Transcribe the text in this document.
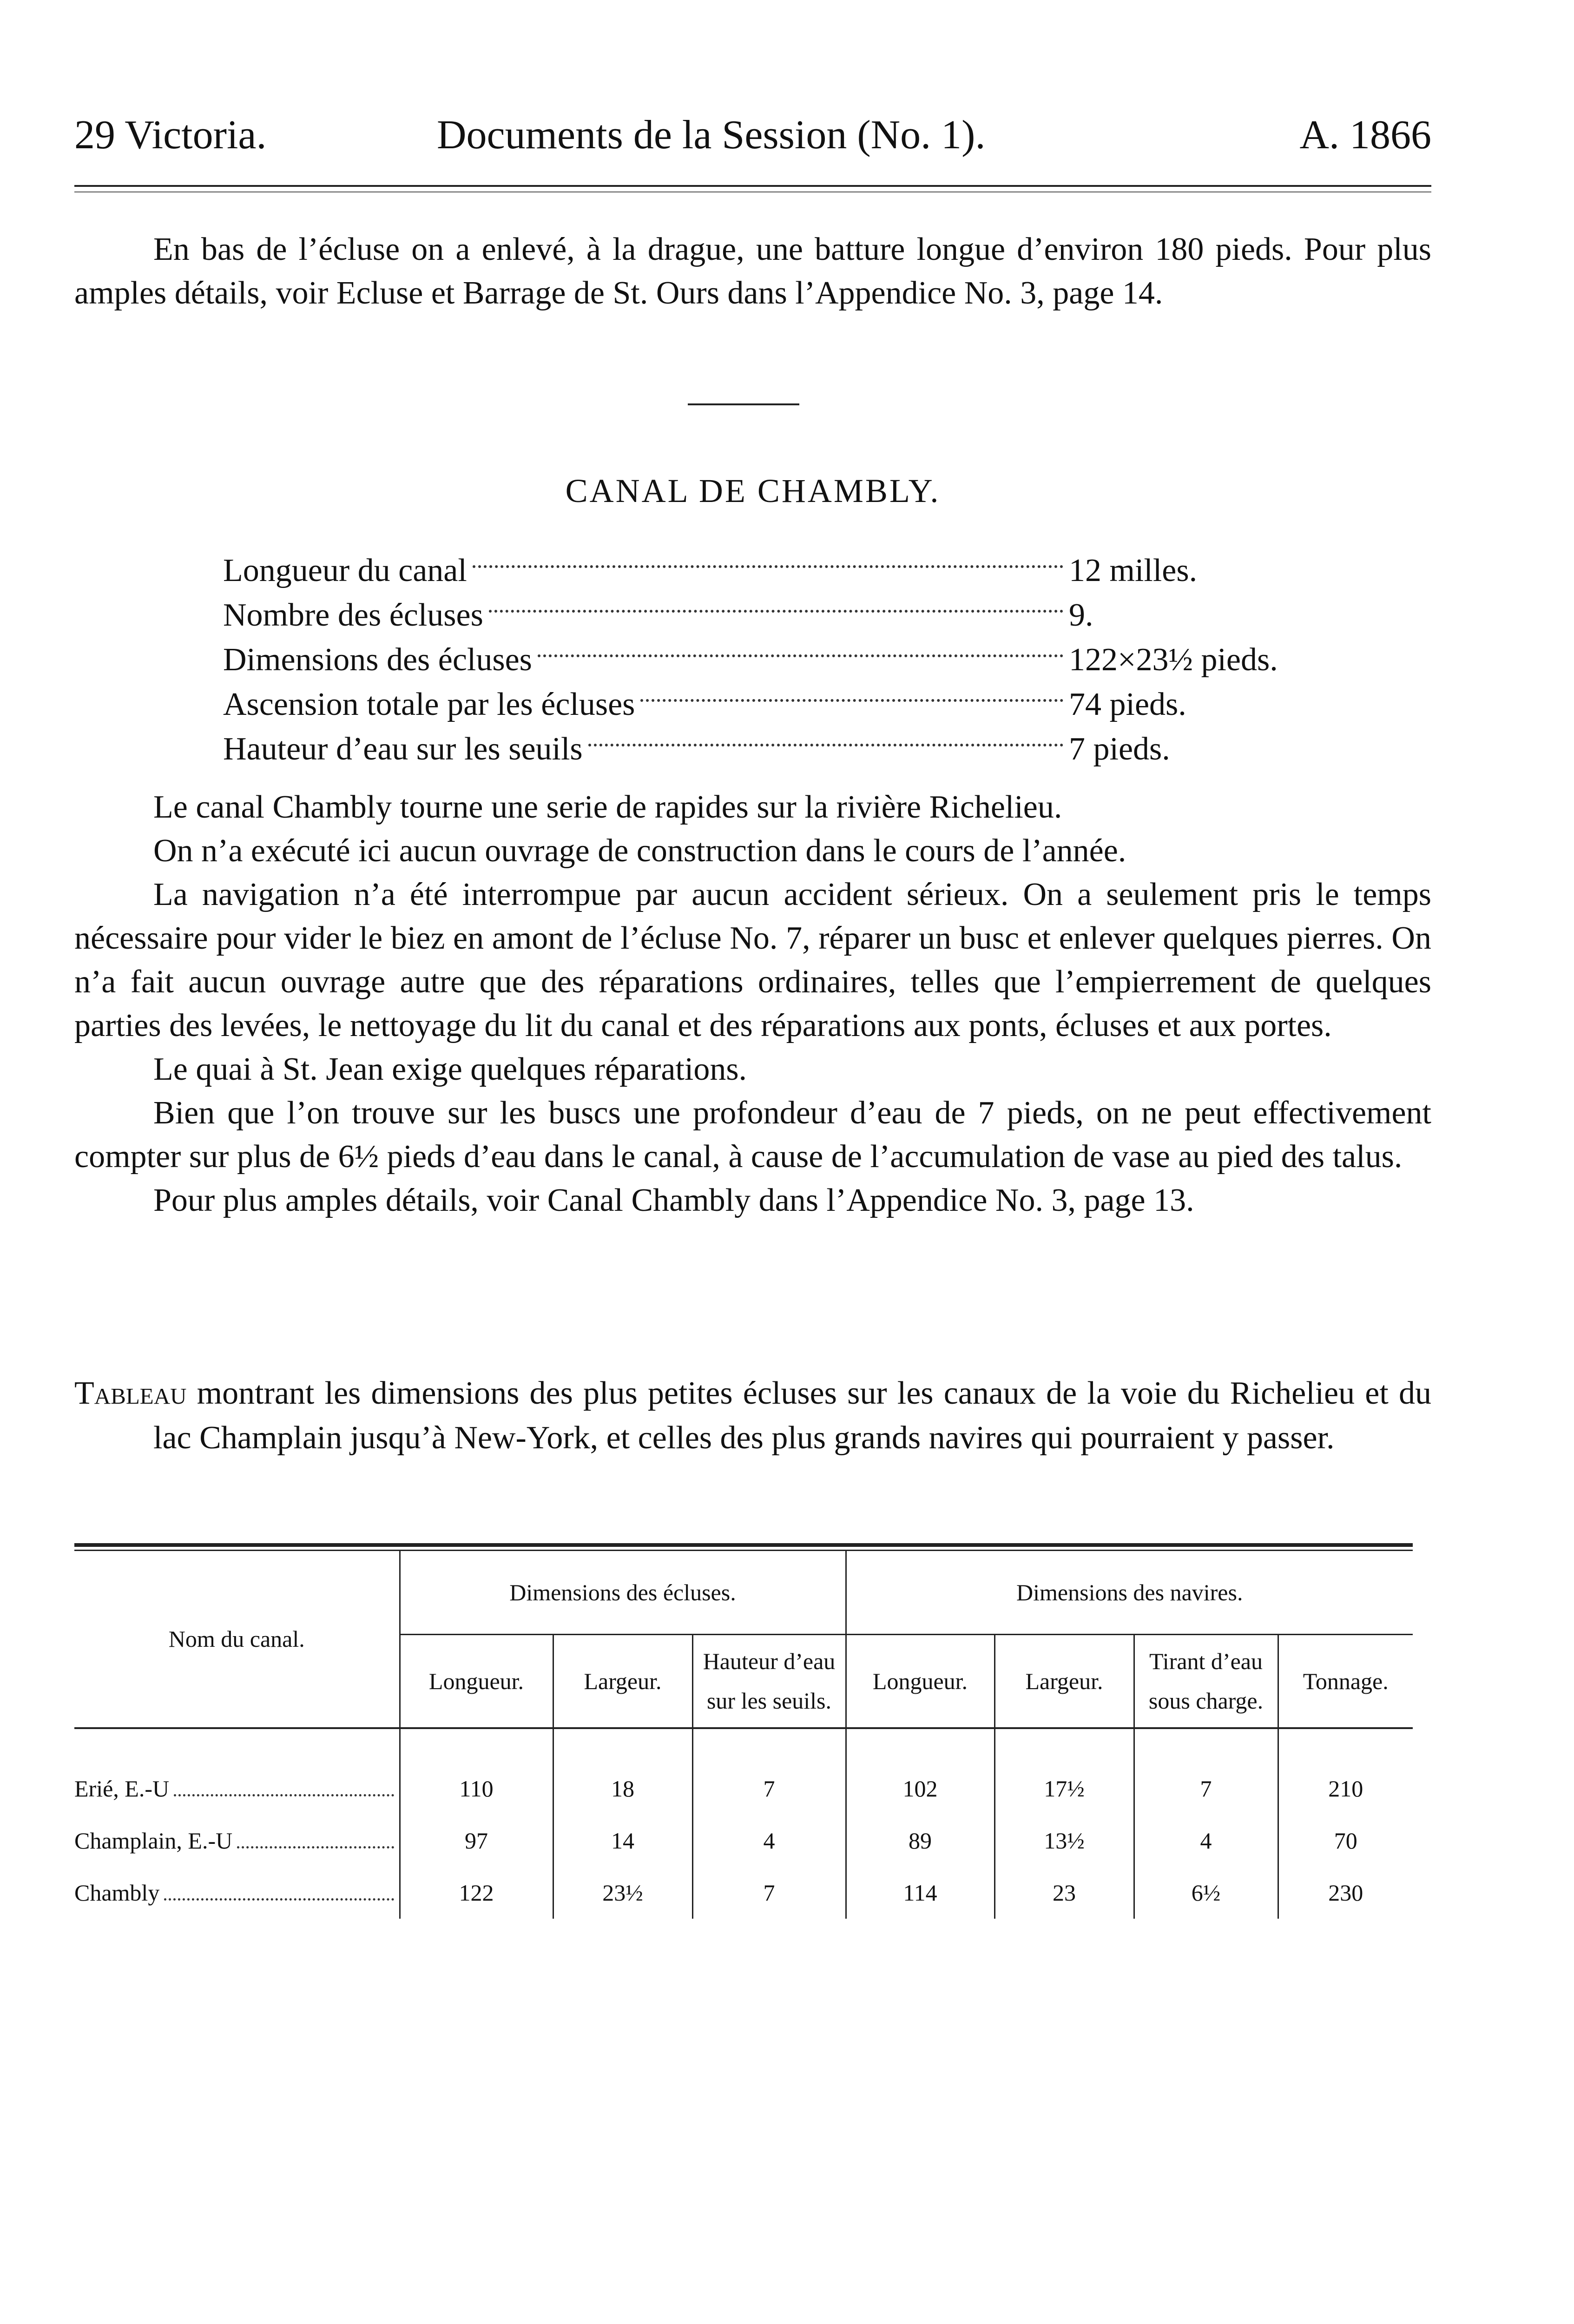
29 Victoria.	Documents de la Session (No. 1).	A. 1866

En bas de l’écluse on a enlevé, à la drague, une batture longue d’environ 180 pieds. Pour plus amples détails, voir Ecluse et Barrage de St. Ours dans l’Appendice No. 3, page 14.

CANAL DE CHAMBLY.
Longueur du canal	12 milles.
Nombre des écluses	9.
Dimensions des écluses	122×23½ pieds.
Ascension totale par les écluses	74 pieds.
Hauteur d’eau sur les seuils	7 pieds.

Le canal Chambly tourne une serie de rapides sur la rivière Richelieu.

On n’a exécuté ici aucun ouvrage de construction dans le cours de l’année.

La navigation n’a été interrompue par aucun accident sérieux. On a seulement pris le temps nécessaire pour vider le biez en amont de l’écluse No. 7, réparer un busc et enlever quelques pierres. On n’a fait aucun ouvrage autre que des réparations ordinaires, telles que l’empierrement de quelques parties des levées, le nettoyage du lit du canal et des réparations aux ponts, écluses et aux portes.

Le quai à St. Jean exige quelques réparations.

Bien que l’on trouve sur les buscs une profondeur d’eau de 7 pieds, on ne peut effectivement compter sur plus de 6½ pieds d’eau dans le canal, à cause de l’accumulation de vase au pied des talus.

Pour plus amples détails, voir Canal Chambly dans l’Appendice No. 3, page 13.

Tableau montrant les dimensions des plus petites écluses sur les canaux de la voie du Richelieu et du lac Champlain jusqu’à New-York, et celles des plus grands navires qui pourraient y passer.
Nom du canal.	Dimensions des écluses.			Dimensions des navires.			
	Longueur.	Largeur.	Hauteur d’eau sur les seuils.	Longueur.	Largeur.	Tirant d’eau sous charge.	Tonnage.

Erié, E.-U	110	18	7	102	17½	7	210

Champlain, E.-U	97	14	4	89	13½	4	70

Chambly	122	23½	7	114	23	6½	230
